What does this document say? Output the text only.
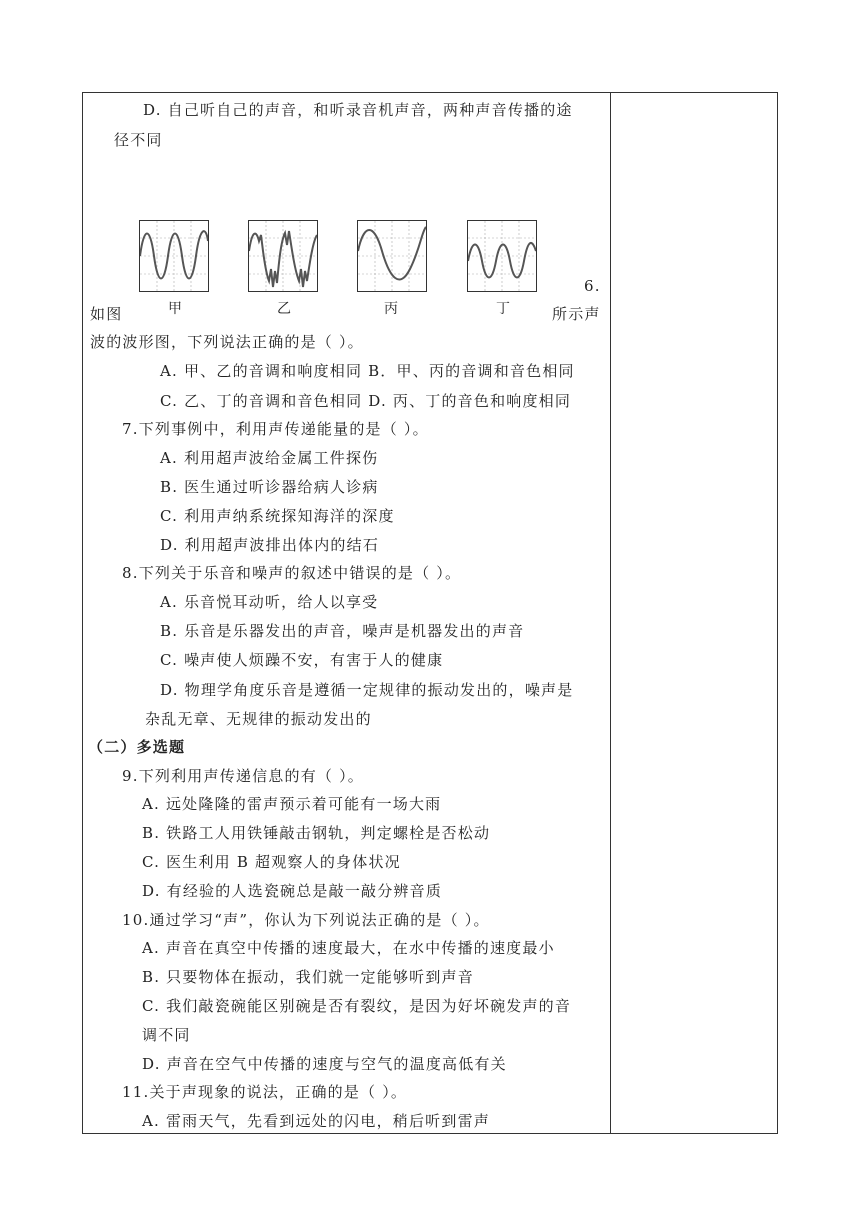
D. 自己听自己的声音，和听录音机声音，两种声音传播的途
径不同
甲	乙	丙	丁
6.
如图	所示声
波的波形图，下列说法正确的是（ ）。
A. 甲、乙的音调和响度相同 B．甲、丙的音调和音色相同
C. 乙、丁的音调和音色相同 D. 丙、丁的音色和响度相同
7.下列事例中，利用声传递能量的是（ ）。
A. 利用超声波给金属工件探伤
B. 医生通过听诊器给病人诊病
C. 利用声纳系统探知海洋的深度
D. 利用超声波排出体内的结石
8.下列关于乐音和噪声的叙述中错误的是（ ）。
A. 乐音悦耳动听，给人以享受
B. 乐音是乐器发出的声音，噪声是机器发出的声音
C. 噪声使人烦躁不安，有害于人的健康
D. 物理学角度乐音是遵循一定规律的振动发出的，噪声是
杂乱无章、无规律的振动发出的
（二）多选题
9.下列利用声传递信息的有（ ）。
A. 远处隆隆的雷声预示着可能有一场大雨
B. 铁路工人用铁锤敲击钢轨，判定螺栓是否松动
C. 医生利用 B 超观察人的身体状况
D. 有经验的人选瓷碗总是敲一敲分辨音质
10.通过学习“声”，你认为下列说法正确的是（ ）。
A. 声音在真空中传播的速度最大，在水中传播的速度最小
B. 只要物体在振动，我们就一定能够听到声音
C. 我们敲瓷碗能区别碗是否有裂纹，是因为好坏碗发声的音
调不同
D. 声音在空气中传播的速度与空气的温度高低有关
11.关于声现象的说法，正确的是（ ）。
A. 雷雨天气，先看到远处的闪电，稍后听到雷声
